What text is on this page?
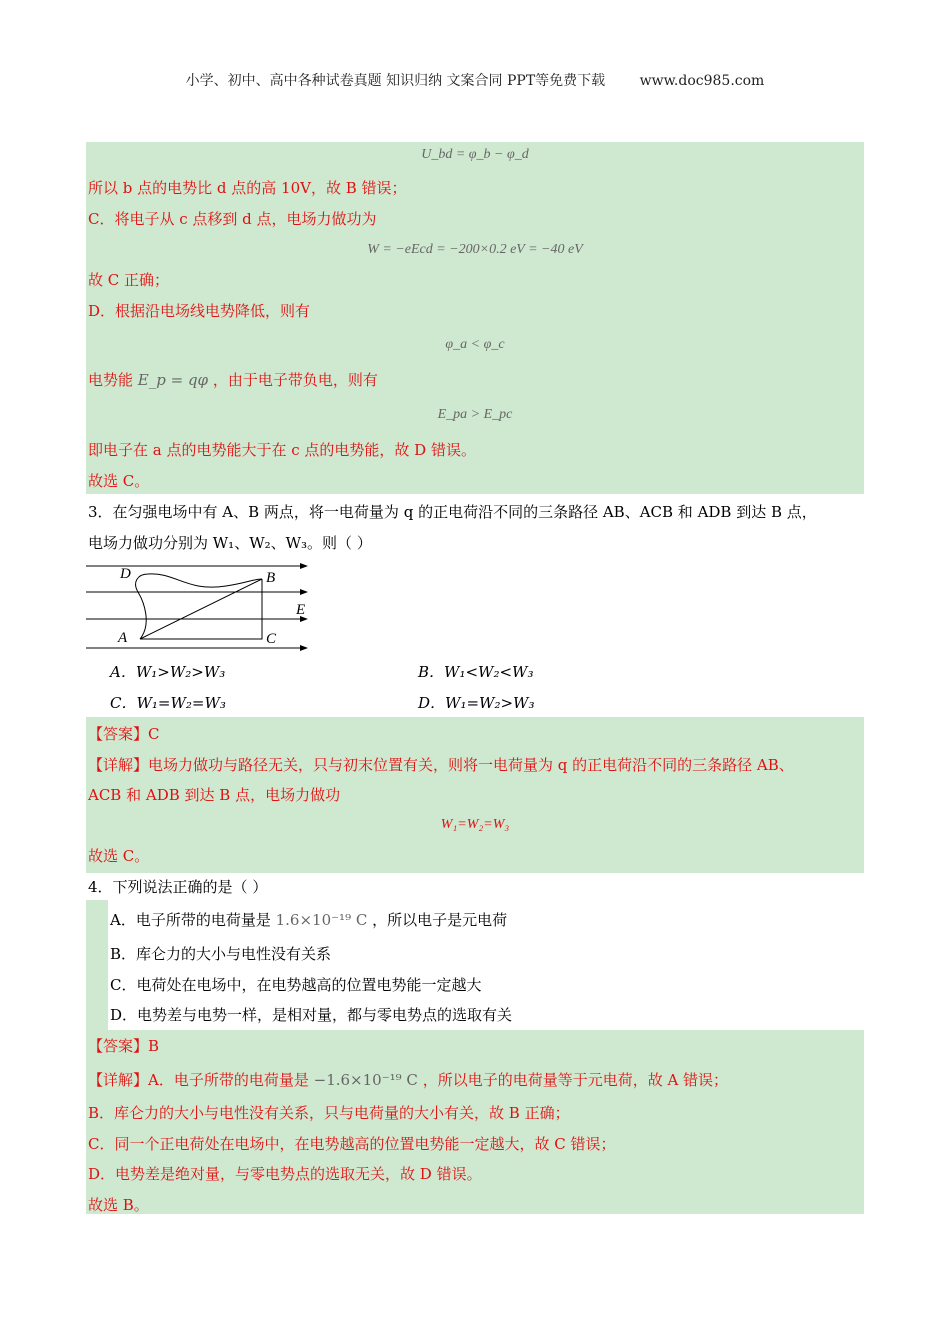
小学、初中、高中各种试卷真题 知识归纳 文案合同 PPT等免费下载 www.doc985.com
U_bd = φ_b − φ_d
所以 b 点的电势比 d 点的高 10V，故 B 错误；
C．将电子从 c 点移到 d 点，电场力做功为
W = −eEcd = −200×0.2 eV = −40 eV
故 C 正确；
D．根据沿电场线电势降低，则有
φ_a < φ_c
电势能 E_p = qφ ，由于电子带负电，则有
E_pa > E_pc
即电子在 a 点的电势能大于在 c 点的电势能，故 D 错误。
故选 C。
3．在匀强电场中有 A、B 两点，将一电荷量为 q 的正电荷沿不同的三条路径 AB、ACB 和 ADB 到达 B 点，
电场力做功分别为 W₁、W₂、W₃。则（ ）
D	B
E
A	C
A．W₁>W₂>W₃	B．W₁<W₂<W₃
C．W₁=W₂=W₃	D．W₁=W₂>W₃
【答案】C
【详解】电场力做功与路径无关，只与初末位置有关，则将一电荷量为 q 的正电荷沿不同的三条路径 AB、
ACB 和 ADB 到达 B 点，电场力做功
W₁=W₂=W₃
故选 C。
4．下列说法正确的是（ ）
A．电子所带的电荷量是 1.6×10⁻¹⁹ C ，所以电子是元电荷
B．库仑力的大小与电性没有关系
C．电荷处在电场中，在电势越高的位置电势能一定越大
D．电势差与电势一样，是相对量，都与零电势点的选取有关
【答案】B
【详解】A．电子所带的电荷量是 −1.6×10⁻¹⁹ C ，所以电子的电荷量等于元电荷，故 A 错误；
B．库仑力的大小与电性没有关系，只与电荷量的大小有关，故 B 正确；
C．同一个正电荷处在电场中，在电势越高的位置电势能一定越大，故 C 错误；
D．电势差是绝对量，与零电势点的选取无关，故 D 错误。
故选 B。
